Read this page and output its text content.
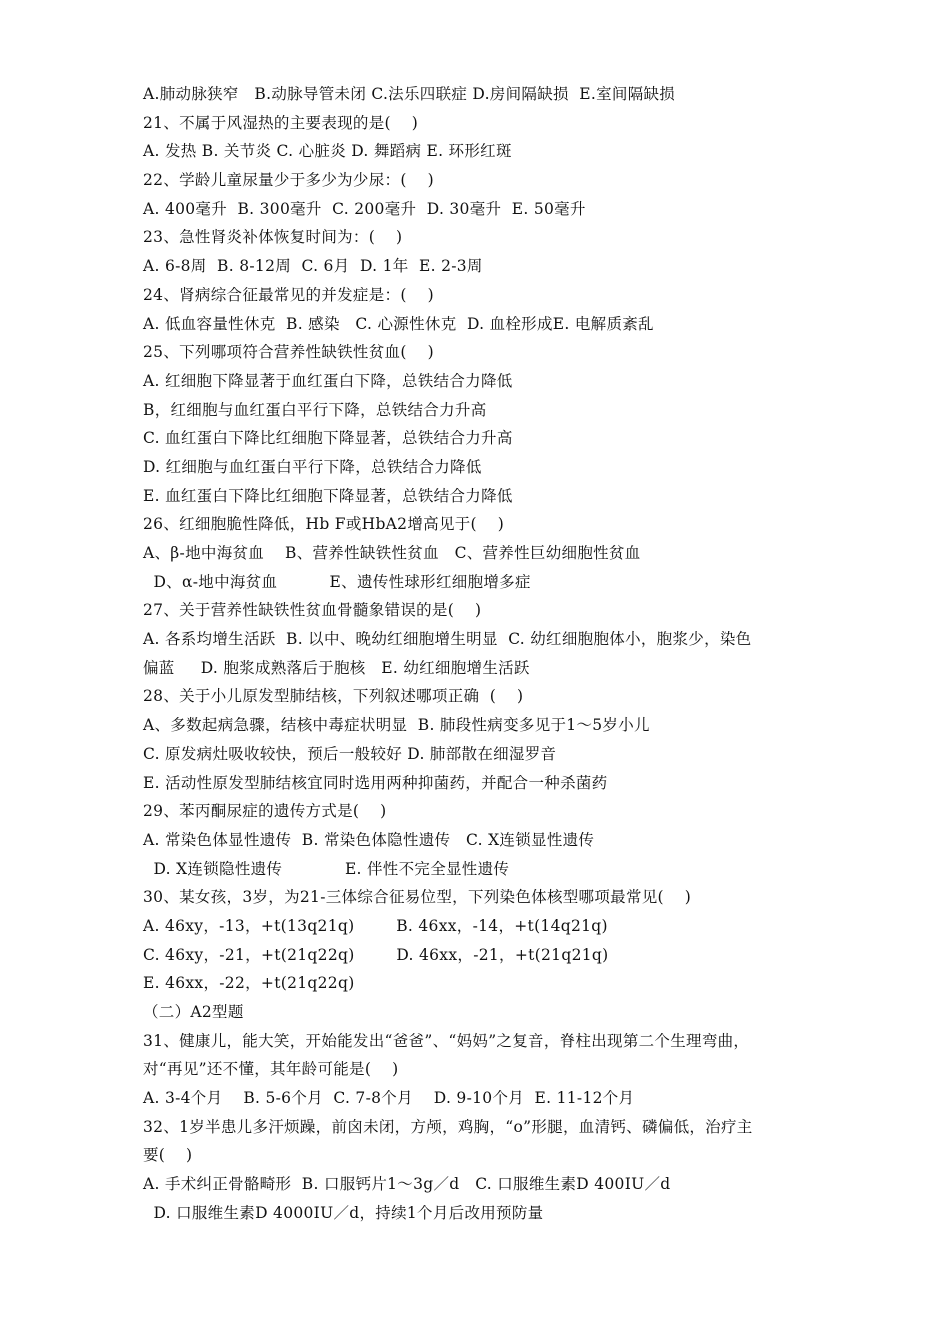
A.肺动脉狭窄   B.动脉导管未闭 C.法乐四联症 D.房间隔缺损  E.室间隔缺损
21、不属于风湿热的主要表现的是(    )
A. 发热 B. 关节炎 C. 心脏炎 D. 舞蹈病 E. 环形红斑
22、学龄儿童尿量少于多少为少尿：(    )
A. 400毫升  B. 300毫升  C. 200毫升  D. 30毫升  E. 50毫升
23、急性肾炎补体恢复时间为：(    )
A. 6-8周  B. 8-12周  C. 6月  D. 1年  E. 2-3周
24、肾病综合征最常见的并发症是：(    )
A. 低血容量性休克  B. 感染   C. 心源性休克  D. 血栓形成E. 电解质紊乱
25、下列哪项符合营养性缺铁性贫血(    )
A. 红细胞下降显著于血红蛋白下降，总铁结合力降低
B，红细胞与血红蛋白平行下降，总铁结合力升高
C. 血红蛋白下降比红细胞下降显著，总铁结合力升高
D. 红细胞与血红蛋白平行下降，总铁结合力降低
E. 血红蛋白下降比红细胞下降显著，总铁结合力降低
26、红细胞脆性降低，Hb F或HbA2增高见于(    )
A、β-地中海贫血    B、营养性缺铁性贫血   C、营养性巨幼细胞性贫血
D、α-地中海贫血          E、遗传性球形红细胞增多症
27、关于营养性缺铁性贫血骨髓象错误的是(    )
A. 各系均增生活跃  B. 以中、晚幼红细胞增生明显  C. 幼红细胞胞体小，胞浆少，染色
偏蓝     D. 胞浆成熟落后于胞核   E. 幼红细胞增生活跃
28、关于小儿原发型肺结核，下列叙述哪项正确  (    )
A、多数起病急骤，结核中毒症状明显  B. 肺段性病变多见于1～5岁小儿
C. 原发病灶吸收较快，预后一般较好 D. 肺部散在细湿罗音
E. 活动性原发型肺结核宜同时选用两种抑菌药，并配合一种杀菌药
29、苯丙酮尿症的遗传方式是(    )
A. 常染色体显性遗传  B. 常染色体隐性遗传   C. X连锁显性遗传
D. X连锁隐性遗传            E. 伴性不完全显性遗传
30、某女孩，3岁，为21-三体综合征易位型，下列染色体核型哪项最常见(    )
A. 46xy，-13，+t(13q21q)        B. 46xx，-14，+t(14q21q)
C. 46xy，-21，+t(21q22q)        D. 46xx，-21，+t(21q21q)
E. 46xx，-22，+t(21q22q)
（二）A2型题
31、健康儿，能大笑，开始能发出“爸爸”、“妈妈”之复音，脊柱出现第二个生理弯曲，
对“再见”还不懂，其年龄可能是(    )
A. 3-4个月    B. 5-6个月  C. 7-8个月    D. 9-10个月  E. 11-12个月
32、1岁半患儿多汗烦躁，前囟未闭，方颅，鸡胸，“o”形腿，血清钙、磷偏低，治疗主
要(    )
A. 手术纠正骨骼畸形  B. 口服钙片1～3g／d   C. 口服维生素D 400IU／d
D. 口服维生素D 4000IU／d，持续1个月后改用预防量
